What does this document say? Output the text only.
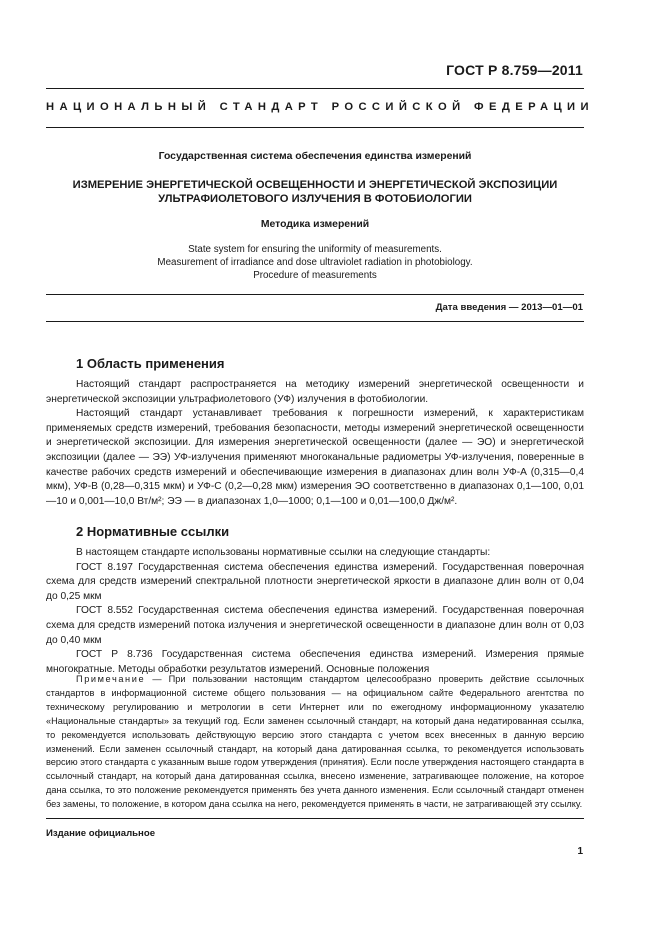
ГОСТ Р 8.759—2011
НАЦИОНАЛЬНЫЙ СТАНДАРТ РОССИЙСКОЙ ФЕДЕРАЦИИ
Государственная система обеспечения единства измерений
ИЗМЕРЕНИЕ ЭНЕРГЕТИЧЕСКОЙ ОСВЕЩЕННОСТИ И ЭНЕРГЕТИЧЕСКОЙ ЭКСПОЗИЦИИ
УЛЬТРАФИОЛЕТОВОГО ИЗЛУЧЕНИЯ В ФОТОБИОЛОГИИ
Методика измерений
State system for ensuring the uniformity of measurements.
Measurement of irradiance and dose ultraviolet radiation in photobiology.
Procedure of measurements
Дата введения — 2013—01—01
1 Область применения

Настоящий стандарт распространяется на методику измерений энергетической освещенности и энергетической экспозиции ультрафиолетового (УФ) излучения в фотобиологии.

Настоящий стандарт устанавливает требования к погрешности измерений, к характеристикам применяемых средств измерений, требования безопасности, методы измерений энергетической освещенности и энергетической экспозиции. Для измерения энергетической освещенности (далее — ЭО) и энергетической экспозиции (далее — ЭЭ) УФ-излучения применяют многоканальные радиометры УФ-излучения, поверенные в качестве рабочих средств измерений и обеспечивающие измерения в диапазонах длин волн УФ-А (0,315—0,4 мкм), УФ-В (0,28—0,315 мкм) и УФ-С (0,2—0,28 мкм) измерения ЭО соответственно в диапазонах 0,1—100, 0,01—10 и 0,001—10,0 Вт/м²; ЭЭ — в диапазонах 1,0—1000; 0,1—100 и 0,01—100,0 Дж/м².

2 Нормативные ссылки

В настоящем стандарте использованы нормативные ссылки на следующие стандарты:

ГОСТ 8.197 Государственная система обеспечения единства измерений. Государственная поверочная схема для средств измерений спектральной плотности энергетической яркости в диапазоне длин волн от 0,04 до 0,25 мкм

ГОСТ 8.552 Государственная система обеспечения единства измерений. Государственная поверочная схема для средств измерений потока излучения и энергетической освещенности в диапазоне длин волн от 0,03 до 0,40 мкм

ГОСТ Р 8.736 Государственная система обеспечения единства измерений. Измерения прямые многократные. Методы обработки результатов измерений. Основные положения

Примечание — При пользовании настоящим стандартом целесообразно проверить действие ссылочных стандартов в информационной системе общего пользования — на официальном сайте Федерального агентства по техническому регулированию и метрологии в сети Интернет или по ежегодному информационному указателю «Национальные стандарты» за текущий год. Если заменен ссылочный стандарт, на который дана недатированная ссылка, то рекомендуется использовать действующую версию этого стандарта с учетом всех внесенных в данную версию изменений. Если заменен ссылочный стандарт, на который дана датированная ссылка, то рекомендуется использовать версию этого стандарта с указанным выше годом утверждения (принятия). Если после утверждения настоящего стандарта в ссылочный стандарт, на который дана датированная ссылка, внесено изменение, затрагивающее положение, на которое дана ссылка, то это положение рекомендуется применять без учета данного изменения. Если ссылочный стандарт отменен без замены, то положение, в котором дана ссылка на него, рекомендуется применять в части, не затрагивающей эту ссылку.

Издание официальное
1
